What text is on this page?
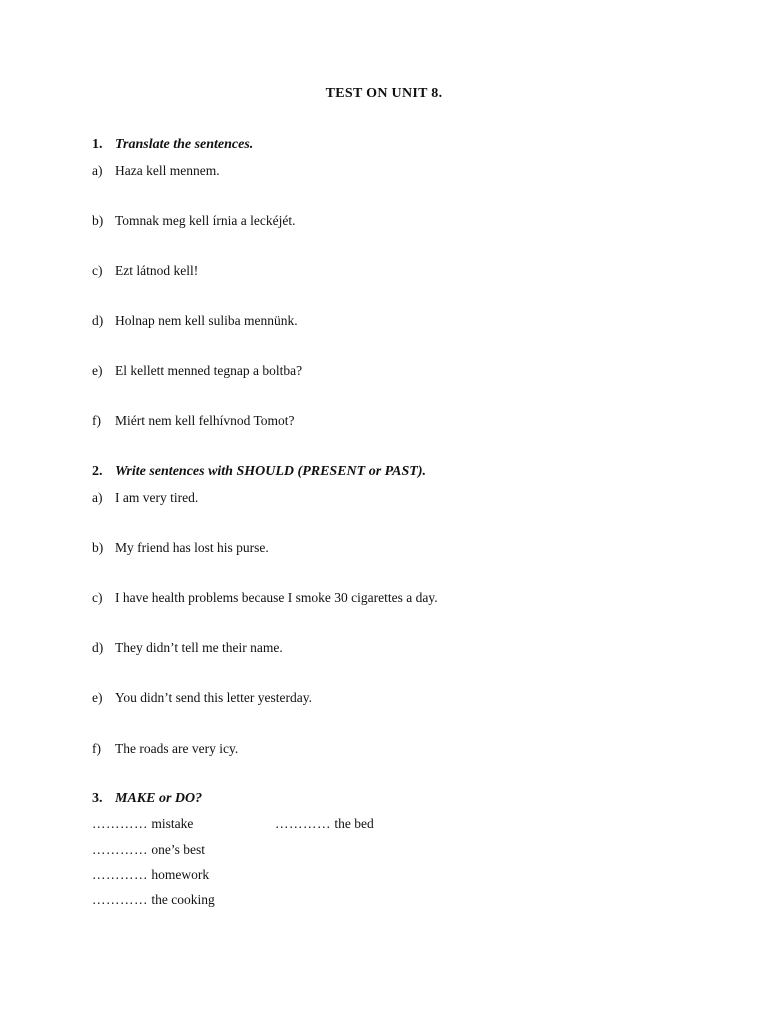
TEST ON UNIT 8.
1. Translate the sentences.
a) Haza kell mennem.
b) Tomnak meg kell írnia a leckéjét.
c) Ezt látnod kell!
d) Holnap nem kell suliba mennünk.
e) El kellett menned tegnap a boltba?
f) Miért nem kell felhívnod Tomot?
2. Write sentences with SHOULD (PRESENT or PAST).
a) I am very tired.
b) My friend has lost his purse.
c) I have health problems because I smoke 30 cigarettes a day.
d) They didn’t tell me their name.
e) You didn’t send this letter yesterday.
f) The roads are very icy.
3. MAKE or DO?
………… mistake	………… the bed
………… one’s best
………… homework
………… the cooking
